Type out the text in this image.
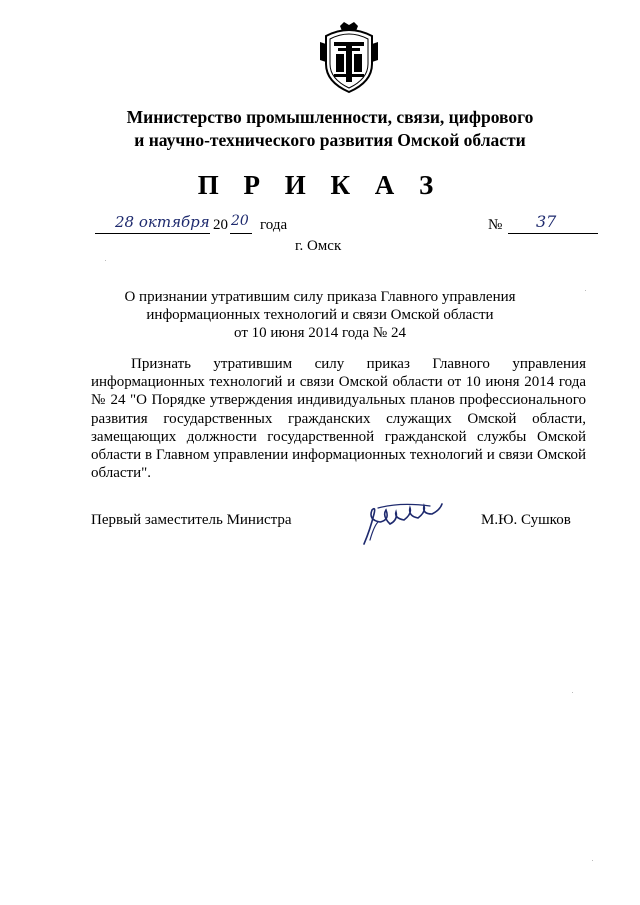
Министерство промышленности, связи, цифрового
и научно-технического развития Омской области
П Р И К А З
28 октября 20 20 года	№ 37
г. Омск
О признании утратившим силу приказа Главного управления
информационных технологий и связи Омской области
от 10 июня 2014 года № 24
Признать утратившим силу приказ Главного управления информационных технологий и связи Омской области от 10 июня 2014 года № 24 "О Порядке утверждения индивидуальных планов профессионального развития государственных гражданских служащих Омской области, замещающих должности государственной гражданской службы Омской области в Главном управлении информационных технологий и связи Омской области".
Первый заместитель Министра	М.Ю. Сушков
